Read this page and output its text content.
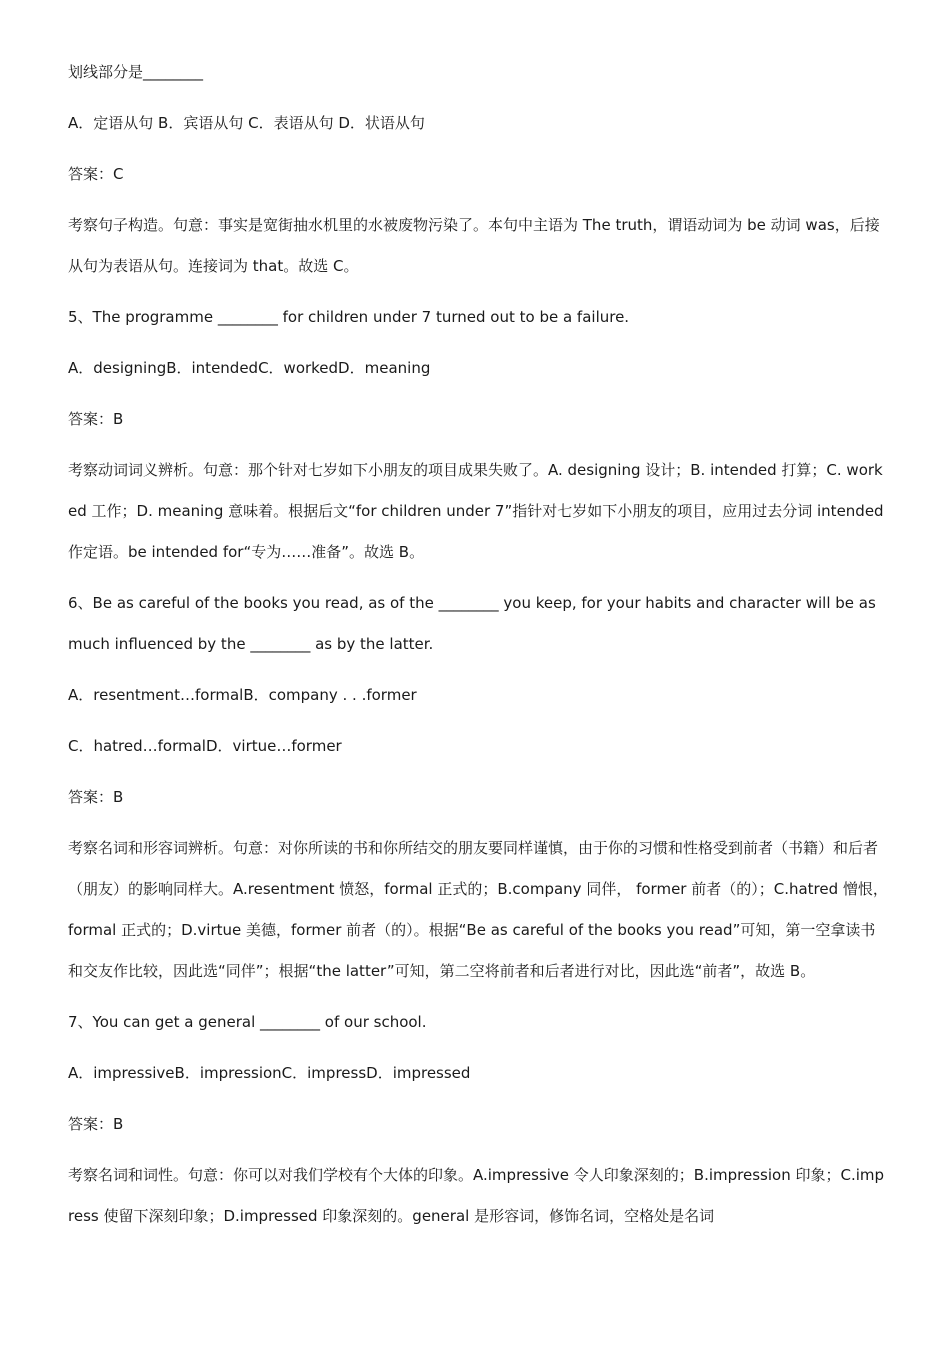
划线部分是________

A．定语从句 B．宾语从句 C．表语从句 D．状语从句

答案：C

考察句子构造。句意：事实是宽街抽水机里的水被废物污染了。本句中主语为 The truth，谓语动词为 be 动词 was，后接从句为表语从句。连接词为 that。故选 C。

5、The programme ________ for children under 7 turned out to be a failure.

A．designingB．intendedC．workedD．meaning

答案：B

考察动词词义辨析。句意：那个针对七岁如下小朋友的项目成果失败了。A. designing 设计；B. intended 打算；C. worked 工作；D. meaning 意味着。根据后文“for children under 7”指针对七岁如下小朋友的项目，应用过去分词 intended 作定语。be intended for“专为……准备”。故选 B。

6、Be as careful of the books you read, as of the ________ you keep, for your habits and character will be as much influenced by the ________ as by the latter.

A．resentment…formalB．company . . .former

C．hatred…formalD．virtue…former

答案：B

考察名词和形容词辨析。句意：对你所读的书和你所结交的朋友要同样谨慎，由于你的习惯和性格受到前者（书籍）和后者（朋友）的影响同样大。A.resentment 愤怒，formal 正式的；B.company 同伴， former 前者（的）；C.hatred 憎恨，formal 正式的；D.virtue 美德，former 前者（的）。根据“Be as careful of the books you read”可知，第一空拿读书和交友作比较，因此选“同伴”；根据“the latter”可知，第二空将前者和后者进行对比，因此选“前者”，故选 B。

7、You can get a general ________ of our school.

A．impressiveB．impressionC．impressD．impressed

答案：B

考察名词和词性。句意：你可以对我们学校有个大体的印象。A.impressive 令人印象深刻的；B.impression 印象；C.impress 使留下深刻印象；D.impressed 印象深刻的。general 是形容词，修饰名词，空格处是名词
